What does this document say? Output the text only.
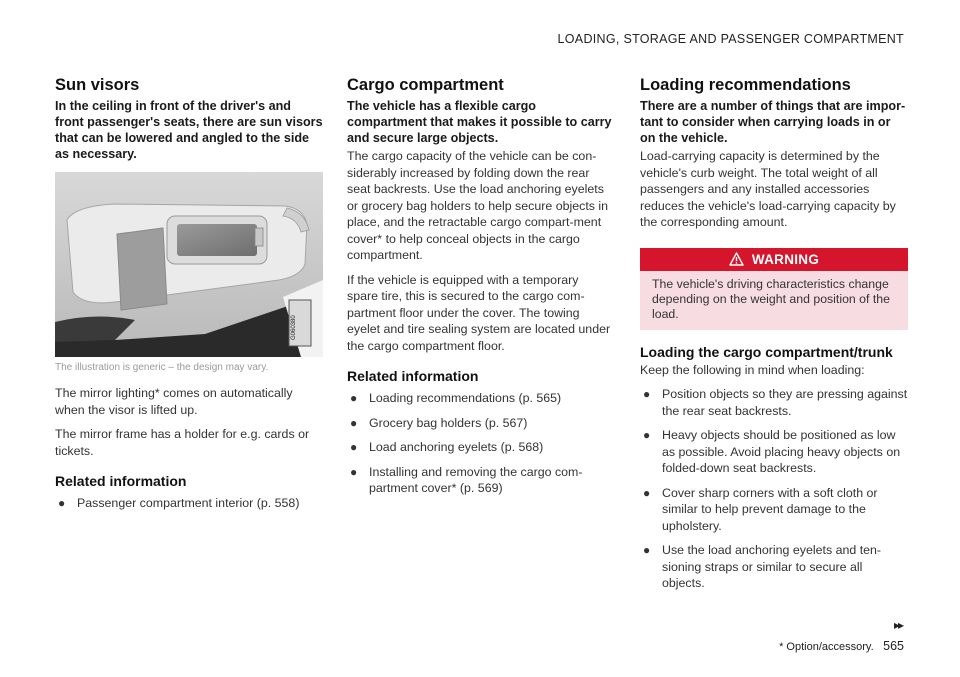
LOADING, STORAGE AND PASSENGER COMPARTMENT
Sun visors
In the ceiling in front of the driver's and front passenger's seats, there are sun visors that can be lowered and angled to the side as necessary.
G060380
The illustration is generic – the design may vary.

The mirror lighting* comes on automatically when the visor is lifted up.

The mirror frame has a holder for e.g. cards or tickets.

Related information
● Passenger compartment interior (p. 558)
Cargo compartment
The vehicle has a flexible cargo compartment that makes it possible to carry and secure large objects.

The cargo capacity of the vehicle can be con-siderably increased by folding down the rear seat backrests. Use the load anchoring eyelets or grocery bag holders to help secure objects in place, and the retractable cargo compart-ment cover* to help conceal objects in the cargo compartment.

If the vehicle is equipped with a temporary spare tire, this is secured to the cargo com-partment floor under the cover. The towing eyelet and tire sealing system are located under the cargo compartment floor.

Related information
● Loading recommendations (p. 565)
● Grocery bag holders (p. 567)
● Load anchoring eyelets (p. 568)
● Installing and removing the cargo com-partment cover* (p. 569)
Loading recommendations
There are a number of things that are impor-tant to consider when carrying loads in or on the vehicle.

Load-carrying capacity is determined by the vehicle's curb weight. The total weight of all passengers and any installed accessories reduces the vehicle's load-carrying capacity by the corresponding amount.

WARNING
The vehicle's driving characteristics change depending on the weight and position of the load.
Loading the cargo compartment/trunk

Keep the following in mind when loading:

● Position objects so they are pressing against the rear seat backrests.
● Heavy objects should be positioned as low as possible. Avoid placing heavy objects on folded-down seat backrests.
● Cover sharp corners with a soft cloth or similar to help prevent damage to the upholstery.
● Use the load anchoring eyelets and ten-sioning straps or similar to secure all objects.
▸▸
* Option/accessory. 565
